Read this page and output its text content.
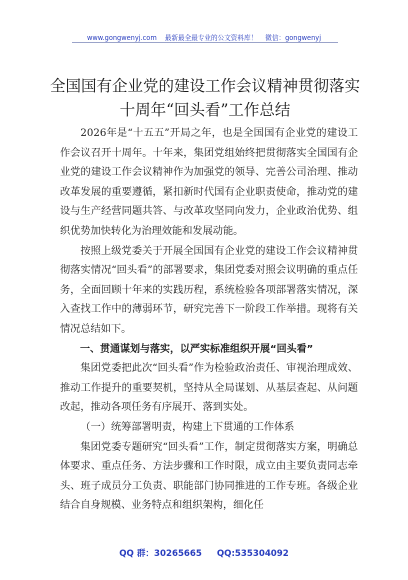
www.gongwenyj.com 最新最全最专业的公文资料库！ 微信：gongwenyj
全国国有企业党的建设工作会议精神贯彻落实
十周年“回头看”工作总结

2026年是“十五五”开局之年，也是全国国有企业党的建设工作会议召开十周年。十年来，集团党组始终把贯彻落实全国国有企业党的建设工作会议精神作为加强党的领导、完善公司治理、推动改革发展的重要遵循，紧扣新时代国有企业职责使命，推动党的建设与生产经营同题共答、与改革攻坚同向发力，企业政治优势、组织优势加快转化为治理效能和发展动能。

按照上级党委关于开展全国国有企业党的建设工作会议精神贯彻落实情况“回头看”的部署要求，集团党委对照会议明确的重点任务，全面回顾十年来的实践历程，系统检验各项部署落实情况，深入查找工作中的薄弱环节，研究完善下一阶段工作举措。现将有关情况总结如下。

一、贯通谋划与落实，以严实标准组织开展“回头看”

集团党委把此次“回头看”作为检验政治责任、审视治理成效、推动工作提升的重要契机，坚持从全局谋划、从基层查起、从问题改起，推动各项任务有序展开、落到实处。

（一）统筹部署明责，构建上下贯通的工作体系

集团党委专题研究“回头看”工作，制定贯彻落实方案，明确总体要求、重点任务、方法步骤和工作时限，成立由主要负责同志牵头、班子成员分工负责、职能部门协同推进的工作专班。各级企业结合自身规模、业务特点和组织架构，细化任

QQ 群：30265665 QQ:535304092
